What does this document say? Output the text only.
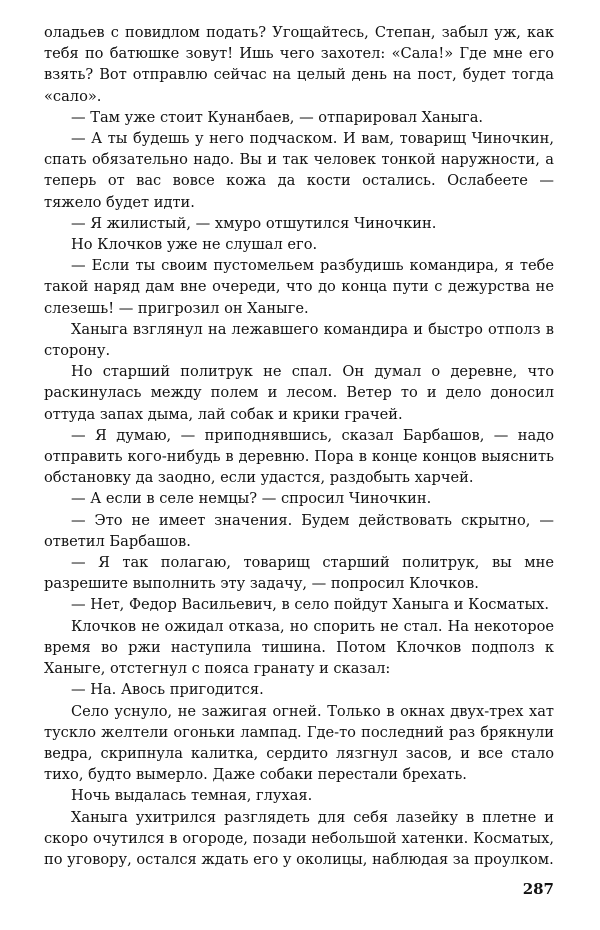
оладьев с повидлом подать? Угощайтесь, Степан, забыл уж, как тебя по батюшке зовут! Ишь чего захотел: «Сала!» Где мне его взять? Вот отправлю сейчас на целый день на пост, будет тогда «сало».

— Там уже стоит Кунанбаев, — отпарировал Ханыга.

— А ты будешь у него подчаском. И вам, товарищ Чиночкин, спать обязательно надо. Вы и так человек тонкой наружности, а теперь от вас вовсе кожа да кости остались. Ослабеете — тяжело будет идти.

— Я жилистый, — хмуро отшутился Чиночкин.

Но Клочков уже не слушал его.

— Если ты своим пустомельем разбудишь командира, я тебе такой наряд дам вне очереди, что до конца пути с дежурства не слезешь! — пригрозил он Ханыге.

Ханыга взглянул на лежавшего командира и быстро отполз в сторону.

Но старший политрук не спал. Он думал о деревне, что раскинулась между полем и лесом. Ветер то и дело доносил оттуда запах дыма, лай собак и крики грачей.

— Я думаю, — приподнявшись, сказал Барбашов, — надо отправить кого-нибудь в деревню. Пора в конце концов выяснить обстановку да заодно, если удастся, раздобыть харчей.

— А если в селе немцы? — спросил Чиночкин.

— Это не имеет значения. Будем действовать скрытно, — ответил Барбашов.

— Я так полагаю, товарищ старший политрук, вы мне разрешите выполнить эту задачу, — попросил Клочков.

— Нет, Федор Васильевич, в село пойдут Ханыга и Косматых.

Клочков не ожидал отказа, но спорить не стал. На некоторое время во ржи наступила тишина. Потом Клочков подполз к Ханыге, отстегнул с пояса гранату и сказал:

— На. Авось пригодится.

Село уснуло, не зажигая огней. Только в окнах двух-трех хат тускло желтели огоньки лампад. Где-то последний раз брякнули ведра, скрипнула калитка, сердито лязгнул засов, и все стало тихо, будто вымерло. Даже собаки перестали брехать.

Ночь выдалась темная, глухая.

Ханыга ухитрился разглядеть для себя лазейку в плетне и скоро очутился в огороде, позади небольшой хатенки. Косматых, по уговору, остался ждать его у околицы, наблюдая за проулком.

287
